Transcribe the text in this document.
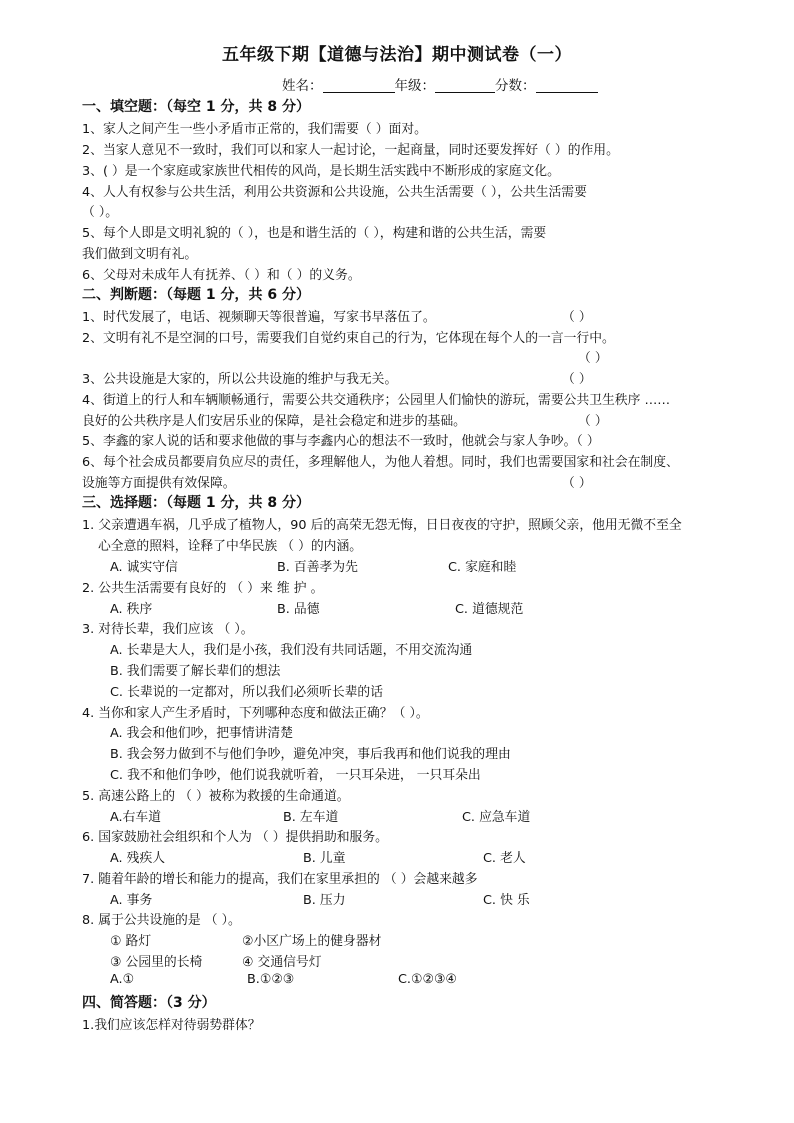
五年级下期【道德与法治】期中测试卷（一）
姓名：	年级：	分数：
一、填空题：（每空 1 分，共 8 分）
1、家人之间产生一些小矛盾市正常的，我们需要（ ）面对。
2、当家人意见不一致时，我们可以和家人一起讨论，一起商量，同时还要发挥好（ ）的作用。
3、( ）是一个家庭或家族世代相传的风尚，是长期生活实践中不断形成的家庭文化。
4、人人有权参与公共生活，利用公共资源和公共设施，公共生活需要（ ），公共生活需要
（ ）。
5、每个人即是文明礼貌的（ ），也是和谐生活的（ ），构建和谐的公共生活，需要
我们做到文明有礼。
6、父母对未成年人有抚养、（ ）和（ ）的义务。
二、判断题：（每题 1 分，共 6 分）
1、时代发展了，电话、视频聊天等很普遍，写家书早落伍了。	（ ）
2、文明有礼不是空洞的口号，需要我们自觉约束自己的行为，它体现在每个人的一言一行中。
（ ）
3、公共设施是大家的，所以公共设施的维护与我无关。	（ ）
4、街道上的行人和车辆顺畅通行，需要公共交通秩序；公园里人们愉快的游玩，需要公共卫生秩序 ……
良好的公共秩序是人们安居乐业的保障，是社会稳定和进步的基础。	（ ）
5、李鑫的家人说的话和要求他做的事与李鑫内心的想法不一致时，他就会与家人争吵。（ ）
6、每个社会成员都要肩负应尽的责任，多理解他人，为他人着想。同时，我们也需要国家和社会在制度、
设施等方面提供有效保障。	（ ）
三、选择题：（每题 1 分，共 8 分）
1. 父亲遭遇车祸，几乎成了植物人，90 后的高荣无怨无悔，日日夜夜的守护，照顾父亲，他用无微不至全
心全意的照料，诠释了中华民族 （ ）的内涵。
A. 诚实守信	B. 百善孝为先	C. 家庭和睦
2. 公共生活需要有良好的 （ ）来 维 护 。
A. 秩序	B. 品德	C. 道德规范
3. 对待长辈，我们应该 （ ）。
A. 长辈是大人，我们是小孩，我们没有共同话题，不用交流沟通
B. 我们需要了解长辈们的想法
C. 长辈说的一定都对，所以我们必须听长辈的话
4. 当你和家人产生矛盾时，下列哪种态度和做法正确？（ ）。
A. 我会和他们吵，把事情讲清楚
B. 我会努力做到不与他们争吵，避免冲突，事后我再和他们说我的理由
C. 我不和他们争吵，他们说我就听着， 一只耳朵进， 一只耳朵出
5. 高速公路上的 （ ）被称为救援的生命通道。
A.右车道	B. 左车道	C. 应急车道
6. 国家鼓励社会组织和个人为 （ ）提供捐助和服务。
A. 残疾人	B. 儿童	C. 老人
7. 随着年龄的增长和能力的提高，我们在家里承担的 （ ）会越来越多
A. 事务	B. 压力	C. 快 乐
8. 属于公共设施的是 （ ）。
① 路灯	②小区广场上的健身器材
③ 公园里的长椅	④ 交通信号灯
A.①	B.①②③	C.①②③④
四、简答题：（3 分）
1.我们应该怎样对待弱势群体？
